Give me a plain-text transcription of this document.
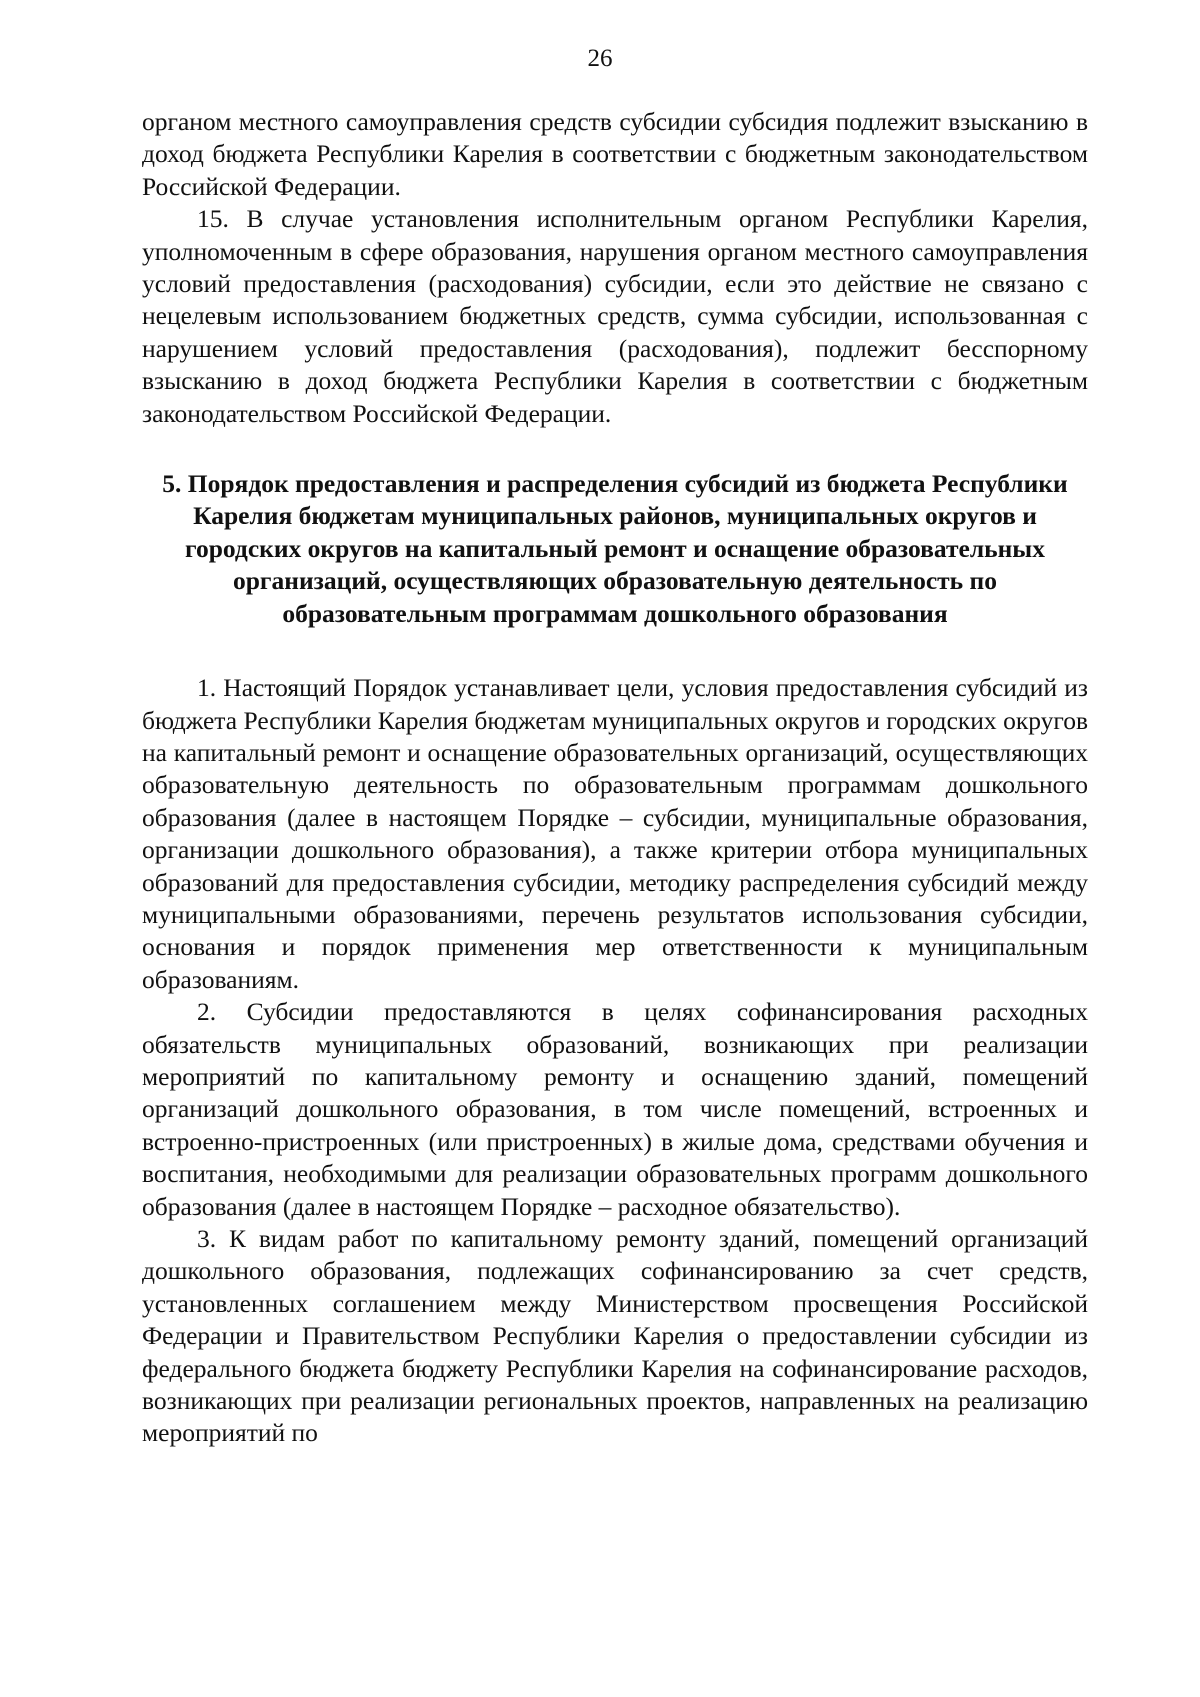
26

органом местного самоуправления средств субсидии субсидия подлежит взысканию в доход бюджета Республики Карелия в соответствии с бюджетным законодательством Российской Федерации.

15. В случае установления исполнительным органом Республики Карелия, уполномоченным в сфере образования, нарушения органом местного самоуправления условий предоставления (расходования) субсидии, если это действие не связано с нецелевым использованием бюджетных средств, сумма субсидии, использованная с нарушением условий предоставления (расходования), подлежит бесспорному взысканию в доход бюджета Республики Карелия в соответствии с бюджетным законодательством Российской Федерации.

5. Порядок предоставления и распределения субсидий из бюджета Республики Карелия бюджетам муниципальных районов, муниципальных округов и городских округов на капитальный ремонт и оснащение образовательных организаций, осуществляющих образовательную деятельность по образовательным программам дошкольного образования

1. Настоящий Порядок устанавливает цели, условия предоставления субсидий из бюджета Республики Карелия бюджетам муниципальных округов и городских округов на капитальный ремонт и оснащение образовательных организаций, осуществляющих образовательную деятельность по образовательным программам дошкольного образования (далее в настоящем Порядке – субсидии, муниципальные образования, организации дошкольного образования), а также критерии отбора муниципальных образований для предоставления субсидии, методику распределения субсидий между муниципальными образованиями, перечень результатов использования субсидии, основания и порядок применения мер ответственности к муниципальным образованиям.

2. Субсидии предоставляются в целях софинансирования расходных обязательств муниципальных образований, возникающих при реализации мероприятий по капитальному ремонту и оснащению зданий, помещений организаций дошкольного образования, в том числе помещений, встроенных и встроенно-пристроенных (или пристроенных) в жилые дома, средствами обучения и воспитания, необходимыми для реализации образовательных программ дошкольного образования (далее в настоящем Порядке – расходное обязательство).

3. К видам работ по капитальному ремонту зданий, помещений организаций дошкольного образования, подлежащих софинансированию за счет средств, установленных соглашением между Министерством просвещения Российской Федерации и Правительством Республики Карелия о предоставлении субсидии из федерального бюджета бюджету Республики Карелия на софинансирование расходов, возникающих при реализации региональных проектов, направленных на реализацию мероприятий по
